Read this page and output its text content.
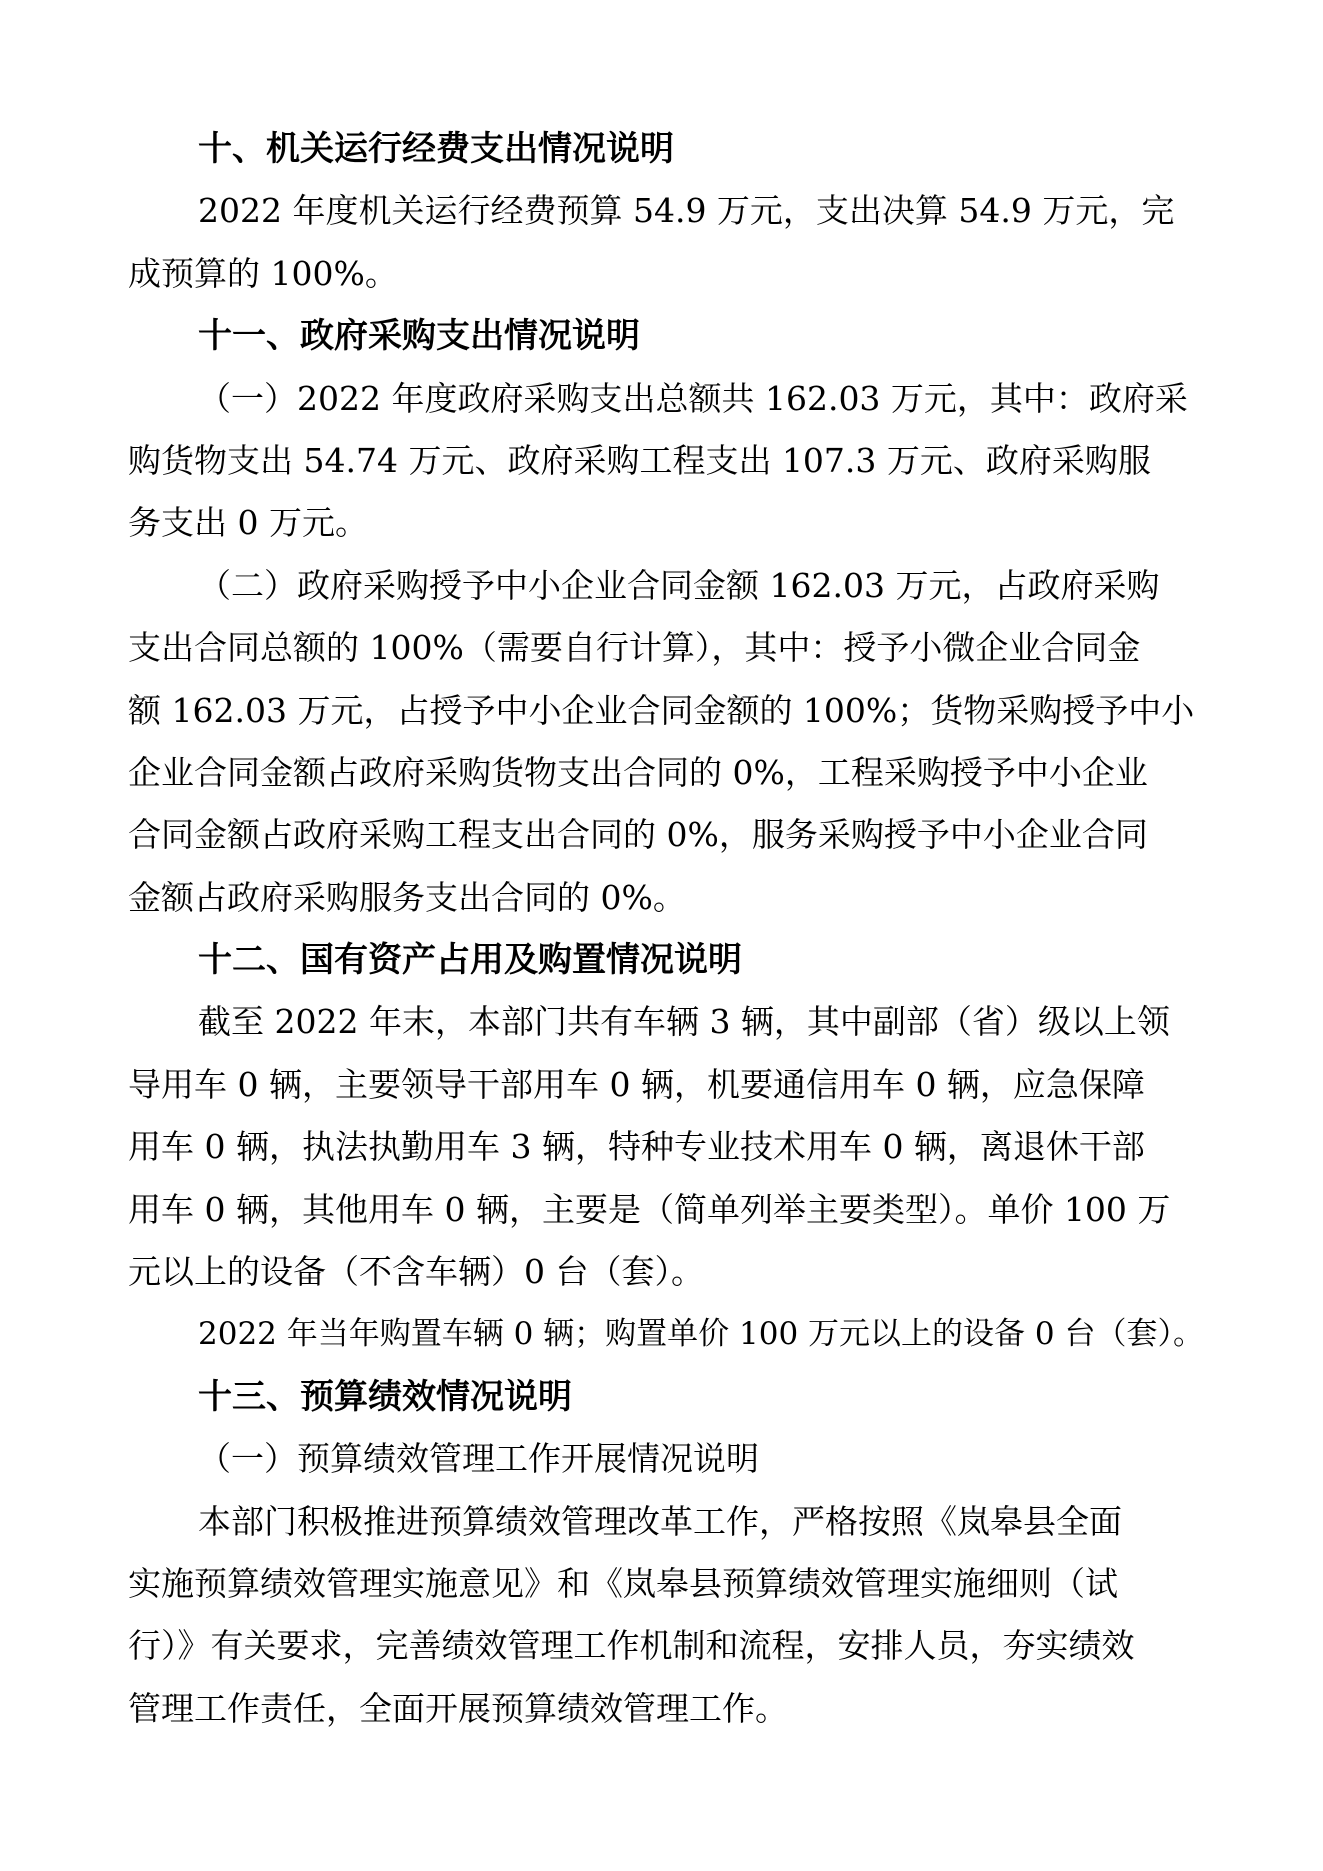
十、机关运行经费支出情况说明
2022 年度机关运行经费预算 54.9 万元，支出决算 54.9 万元，完
成预算的 100%。
十一、政府采购支出情况说明
（一）2022 年度政府采购支出总额共 162.03 万元，其中：政府采
购货物支出 54.74 万元、政府采购工程支出 107.3 万元、政府采购服
务支出 0 万元。
（二）政府采购授予中小企业合同金额 162.03 万元，占政府采购
支出合同总额的 100%（需要自行计算），其中：授予小微企业合同金
额 162.03 万元，占授予中小企业合同金额的 100%；货物采购授予中小
企业合同金额占政府采购货物支出合同的 0%，工程采购授予中小企业
合同金额占政府采购工程支出合同的 0%，服务采购授予中小企业合同
金额占政府采购服务支出合同的 0%。
十二、国有资产占用及购置情况说明
截至 2022 年末，本部门共有车辆 3 辆，其中副部（省）级以上领
导用车 0 辆，主要领导干部用车 0 辆，机要通信用车 0 辆，应急保障
用车 0 辆，执法执勤用车 3 辆，特种专业技术用车 0 辆，离退休干部
用车 0 辆，其他用车 0 辆，主要是（简单列举主要类型）。单价 100 万
元以上的设备（不含车辆）0 台（套）。
2022 年当年购置车辆 0 辆；购置单价 100 万元以上的设备 0 台（套）。
十三、预算绩效情况说明
（一）预算绩效管理工作开展情况说明
本部门积极推进预算绩效管理改革工作，严格按照《岚皋县全面
实施预算绩效管理实施意见》和《岚皋县预算绩效管理实施细则（试
行）》有关要求，完善绩效管理工作机制和流程，安排人员，夯实绩效
管理工作责任，全面开展预算绩效管理工作。
